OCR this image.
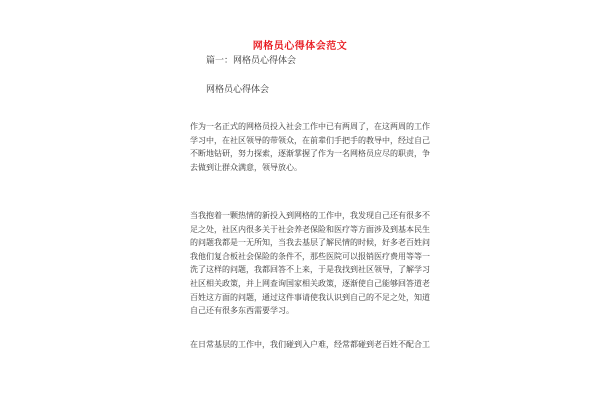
网格员心得体会范文
篇一：网格员心得体会
网格员心得体会
作为一名正式的网格员投入社会工作中已有两周了，在这两周的工作
学习中，在社区领导的带领众，在前辈们手把手的教导中，经过自己
不断地钻研，努力探索，逐渐掌握了作为一名网格员应尽的职责，争
去做到让群众满意，领导放心。
当我抱着一颗热情的新投入到网格的工作中，我发现自己还有很多不
足之处，社区内很多关于社会养老保险和医疗等方面涉及到基本民生
的问题我都是一无所知，当我去基层了解民情的时候，好多老百姓问
我他们复合板社会保险的条件不，那些医院可以报销医疗费用等等一
洗了这样的问题，我都回答不上来，于是我找到社区领导，了解学习
社区相关政策，并上网查询国家相关政策，逐渐使自己能够回答道老
百姓这方面的问题，通过这件事请使我认识到自己的不足之处，知道
自己还有很多东西需要学习。
在日常基层的工作中，我们碰到入户难，经常都碰到老百姓不配合工
